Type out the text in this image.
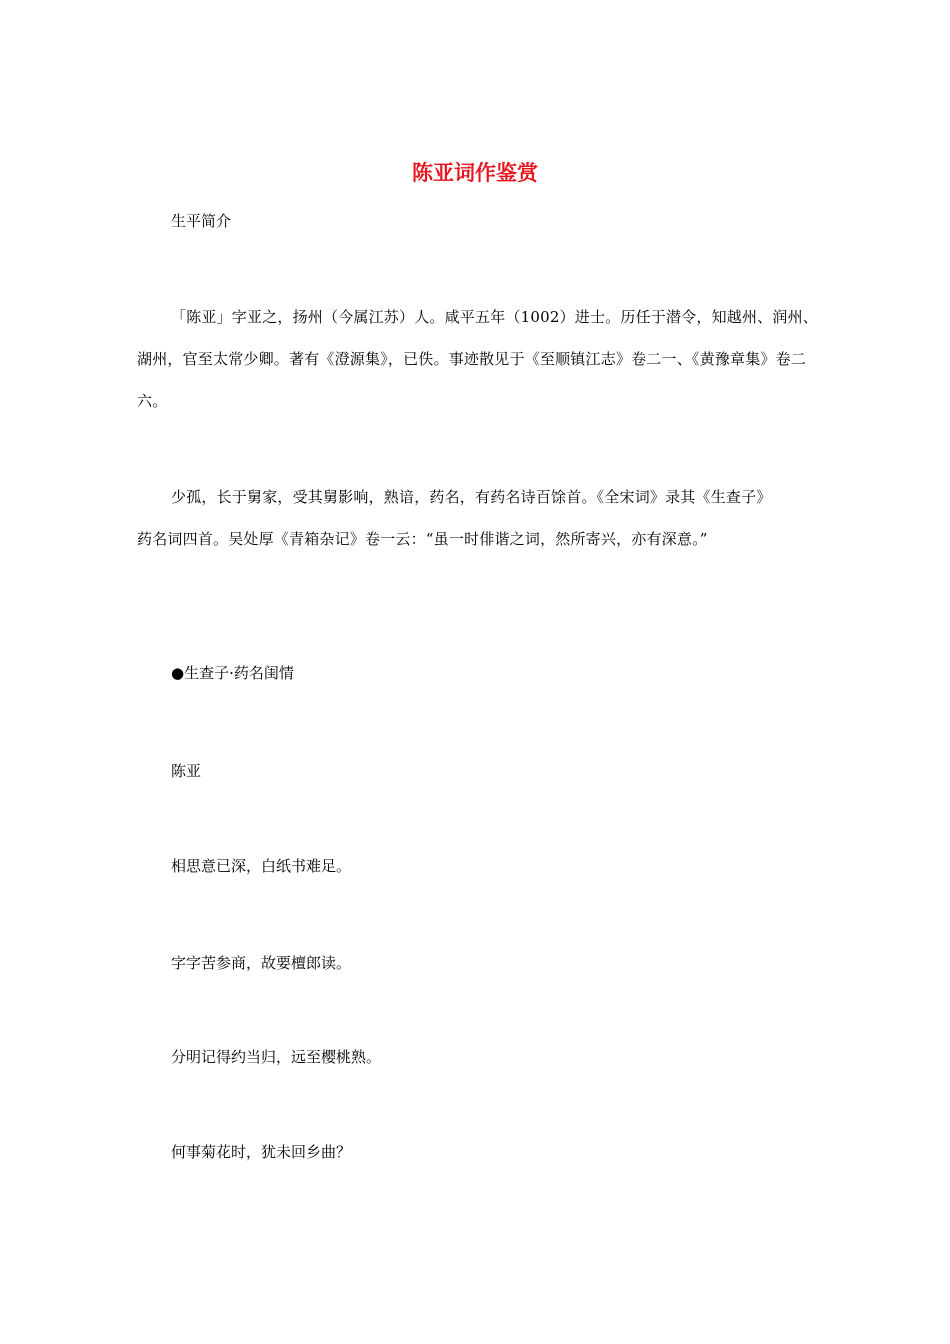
陈亚词作鉴赏

生平简介

「陈亚」字亚之，扬州（今属江苏）人。咸平五年（1002）进士。历任于潜令，知越州、润州、湖州，官至太常少卿。著有《澄源集》，已佚。事迹散见于《至顺镇江志》卷二一、《黄豫章集》卷二六。

少孤，长于舅家，受其舅影响，熟谙，药名，有药名诗百馀首。《全宋词》录其《生查子》药名词四首。吴处厚《青箱杂记》卷一云：“虽一时俳谐之词，然所寄兴，亦有深意。”

●生查子·药名闺情

陈亚

相思意已深，白纸书难足。

字字苦参商，故要檀郎读。

分明记得约当归，远至樱桃熟。

何事菊花时，犹未回乡曲？
